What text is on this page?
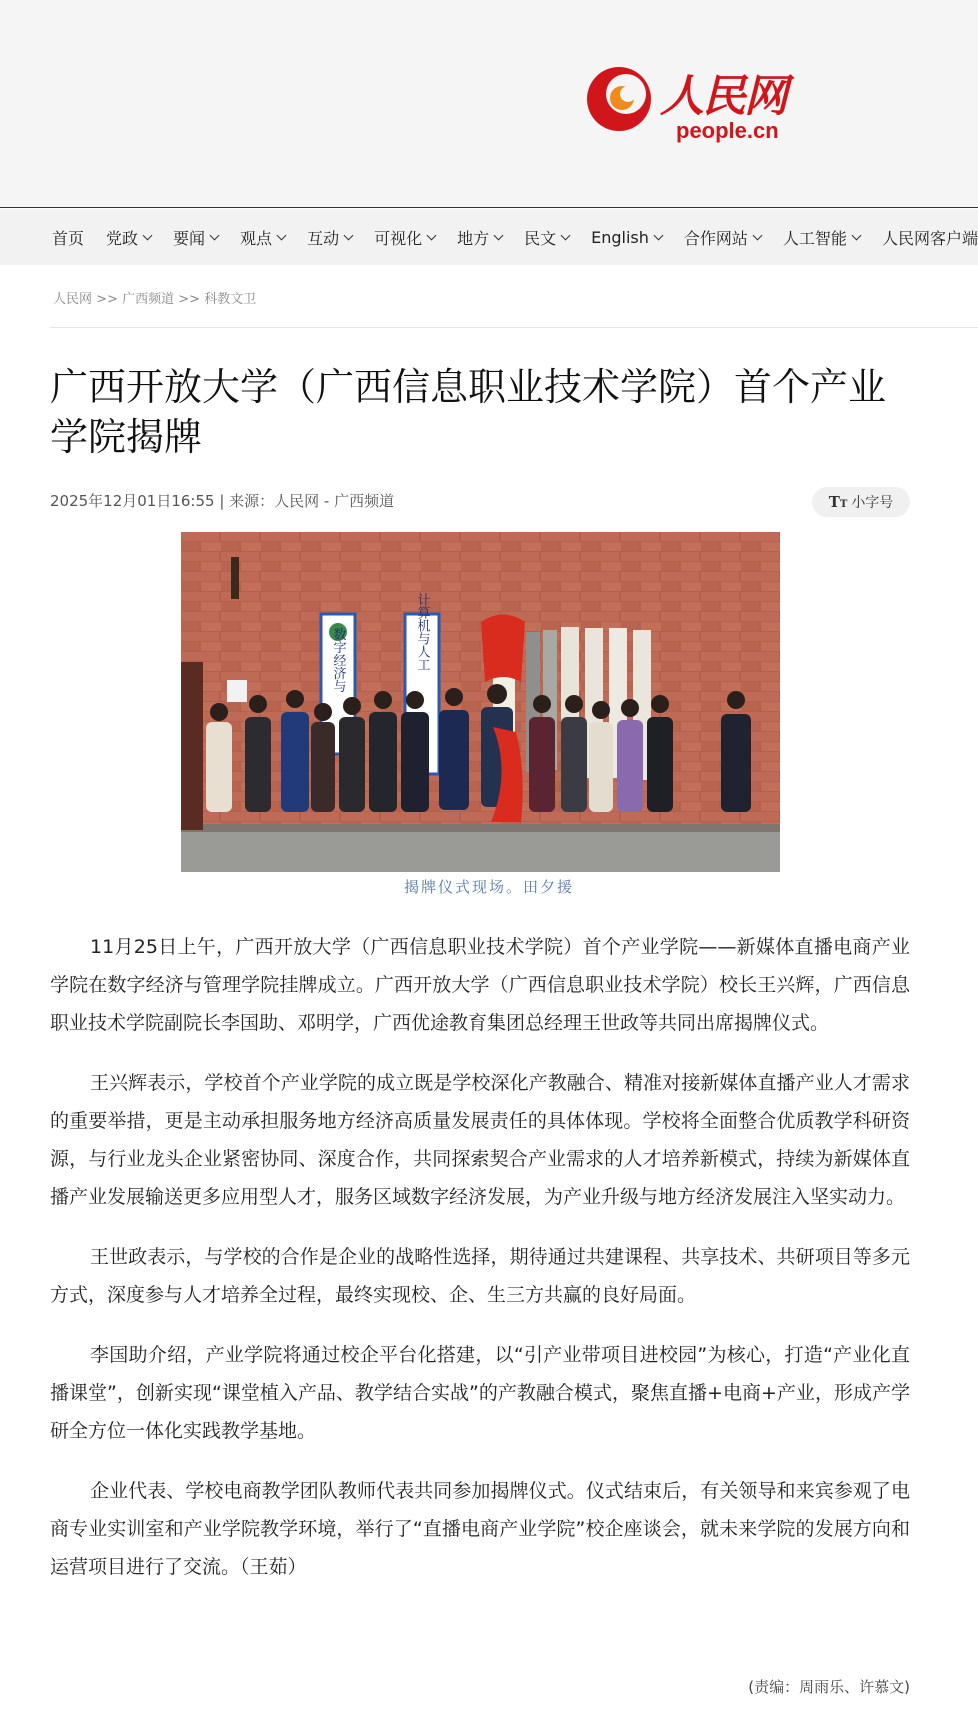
人民网
people.cn
首页 党政 要闻 观点 互动 可视化 地方 民文 English 合作网站 人工智能 人民网客户端
人民网 >> 广西频道 >> 科教文卫
广西开放大学（广西信息职业技术学院）首个产业学院揭牌
2025年12月01日16:55 | 来源：人民网 - 广西频道	TT 小字号
数字经济与	计算机与人工
揭牌仪式现场。田夕援

11月25日上午，广西开放大学（广西信息职业技术学院）首个产业学院——新媒体直播电商产业学院在数字经济与管理学院挂牌成立。广西开放大学（广西信息职业技术学院）校长王兴辉，广西信息职业技术学院副院长李国助、邓明学，广西优途教育集团总经理王世政等共同出席揭牌仪式。

王兴辉表示，学校首个产业学院的成立既是学校深化产教融合、精准对接新媒体直播产业人才需求的重要举措，更是主动承担服务地方经济高质量发展责任的具体体现。学校将全面整合优质教学科研资源，与行业龙头企业紧密协同、深度合作，共同探索契合产业需求的人才培养新模式，持续为新媒体直播产业发展输送更多应用型人才，服务区域数字经济发展，为产业升级与地方经济发展注入坚实动力。

王世政表示，与学校的合作是企业的战略性选择，期待通过共建课程、共享技术、共研项目等多元方式，深度参与人才培养全过程，最终实现校、企、生三方共赢的良好局面。

李国助介绍，产业学院将通过校企平台化搭建，以“引产业带项目进校园”为核心，打造“产业化直播课堂”，创新实现“课堂植入产品、教学结合实战”的产教融合模式，聚焦直播+电商+产业，形成产学研全方位一体化实践教学基地。

企业代表、学校电商教学团队教师代表共同参加揭牌仪式。仪式结束后，有关领导和来宾参观了电商专业实训室和产业学院教学环境，举行了“直播电商产业学院”校企座谈会，就未来学院的发展方向和运营项目进行了交流。（王茹）

(责编：周雨乐、许慕文)
